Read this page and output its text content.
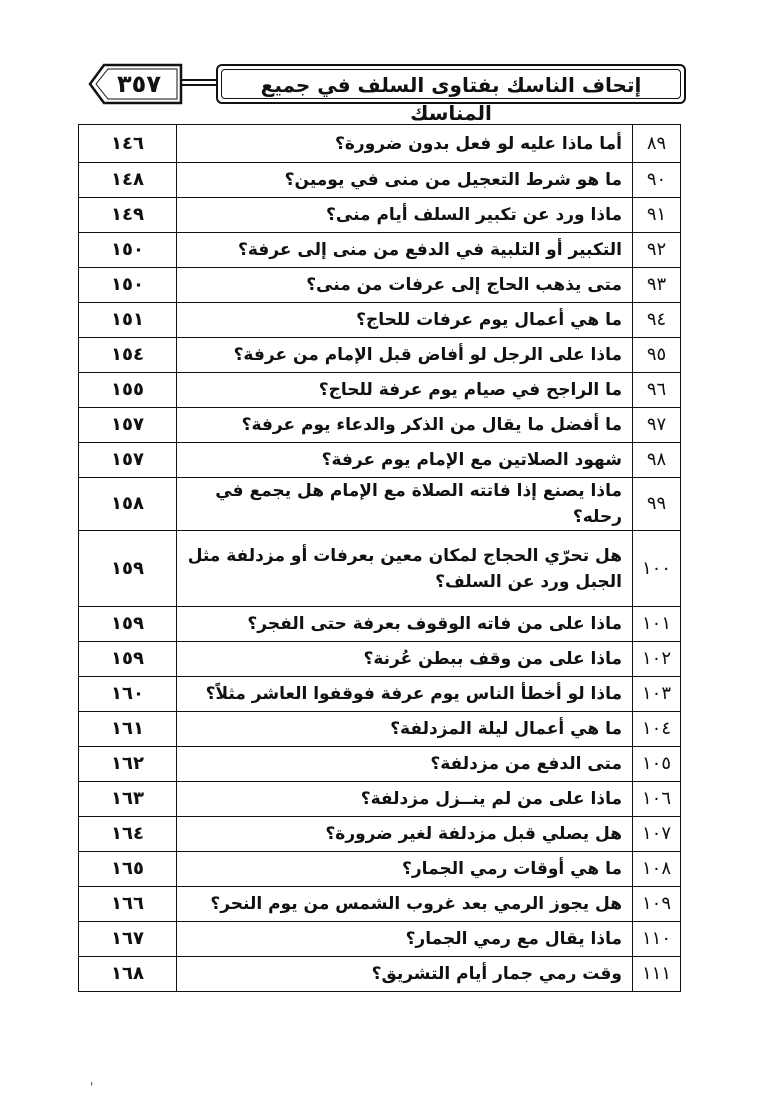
٣٥٧	إتحاف الناسك بفتاوى السلف في جميع المناسك
٨٩	أما ماذا عليه لو فعل بدون ضرورة؟	١٤٦
٩٠	ما هو شرط التعجيل من منى في يومين؟	١٤٨
٩١	ماذا ورد عن تكبير السلف أيام منى؟	١٤٩
٩٢	التكبير أو التلبية في الدفع من منى إلى عرفة؟	١٥٠
٩٣	متى يذهب الحاج إلى عرفات من منى؟	١٥٠
٩٤	ما هي أعمال يوم عرفات للحاج؟	١٥١
٩٥	ماذا على الرجل لو أفاض قبل الإمام من عرفة؟	١٥٤
٩٦	ما الراجح في صيام يوم عرفة للحاج؟	١٥٥
٩٧	ما أفضل ما يقال من الذكر والدعاء يوم عرفة؟	١٥٧
٩٨	شهود الصلاتين مع الإمام يوم عرفة؟	١٥٧
٩٩	ماذا يصنع إذا فاتته الصلاة مع الإمام هل يجمع في رحله؟	١٥٨
١٠٠	هل تحرّي الحجاج لمكان معين بعرفات أو مزدلفة مثل الجبل ورد عن السلف؟	١٥٩
١٠١	ماذا على من فاته الوقوف بعرفة حتى الفجر؟	١٥٩
١٠٢	ماذا على من وقف ببطن عُرنة؟	١٥٩
١٠٣	ماذا لو أخطأ الناس يوم عرفة فوقفوا العاشر مثلاً؟	١٦٠
١٠٤	ما هي أعمال ليلة المزدلفة؟	١٦١
١٠٥	متى الدفع من مزدلفة؟	١٦٢
١٠٦	ماذا على من لم ينــزل مزدلفة؟	١٦٣
١٠٧	هل يصلي قبل مزدلفة لغير ضرورة؟	١٦٤
١٠٨	ما هي أوقات رمي الجمار؟	١٦٥
١٠٩	هل يجوز الرمي بعد غروب الشمس من يوم النحر؟	١٦٦
١١٠	ماذا يقال مع رمي الجمار؟	١٦٧
١١١	وقت رمي جمار أيام التشريق؟	١٦٨
'
